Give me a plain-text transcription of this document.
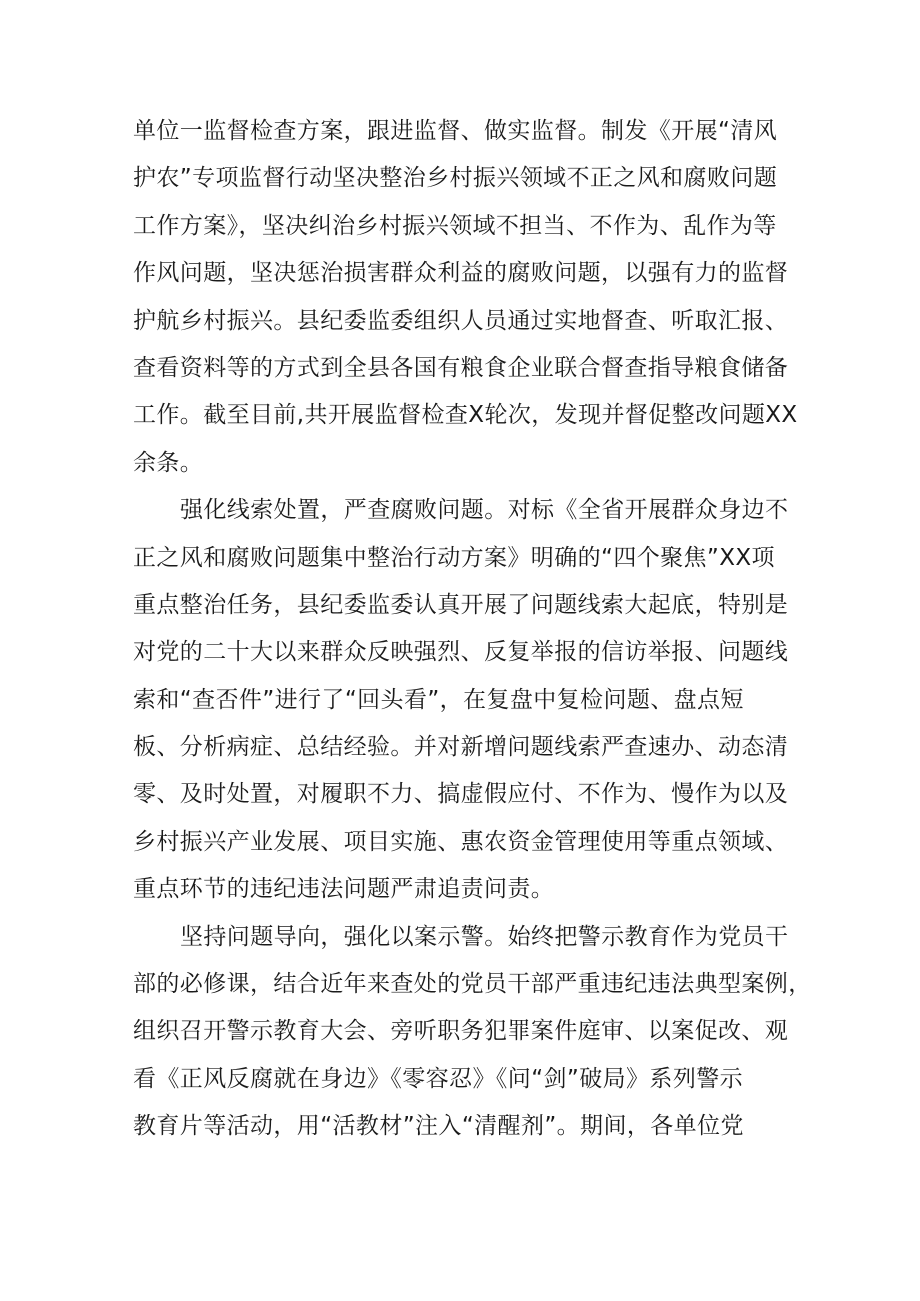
单位一监督检查方案，跟进监督、做实监督。制发《开展“清风
护农”专项监督行动坚决整治乡村振兴领域不正之风和腐败问题
工作方案》，坚决纠治乡村振兴领域不担当、不作为、乱作为等
作风问题，坚决惩治损害群众利益的腐败问题，以强有力的监督
护航乡村振兴。县纪委监委组织人员通过实地督查、听取汇报、
查看资料等的方式到全县各国有粮食企业联合督查指导粮食储备
工作。截至目前,共开展监督检查X轮次，发现并督促整改问题XX
余条。
强化线索处置，严查腐败问题。对标《全省开展群众身边不
正之风和腐败问题集中整治行动方案》明确的“四个聚焦”XX项
重点整治任务，县纪委监委认真开展了问题线索大起底，特别是
对党的二十大以来群众反映强烈、反复举报的信访举报、问题线
索和“查否件”进行了“回头看”，在复盘中复检问题、盘点短
板、分析病症、总结经验。并对新增问题线索严查速办、动态清
零、及时处置，对履职不力、搞虚假应付、不作为、慢作为以及
乡村振兴产业发展、项目实施、惠农资金管理使用等重点领域、
重点环节的违纪违法问题严肃追责问责。
坚持问题导向，强化以案示警。始终把警示教育作为党员干
部的必修课，结合近年来查处的党员干部严重违纪违法典型案例，
组织召开警示教育大会、旁听职务犯罪案件庭审、以案促改、观
看《正风反腐就在身边》《零容忍》《问“剑”破局》系列警示
教育片等活动，用“活教材”注入“清醒剂”。期间，各单位党
